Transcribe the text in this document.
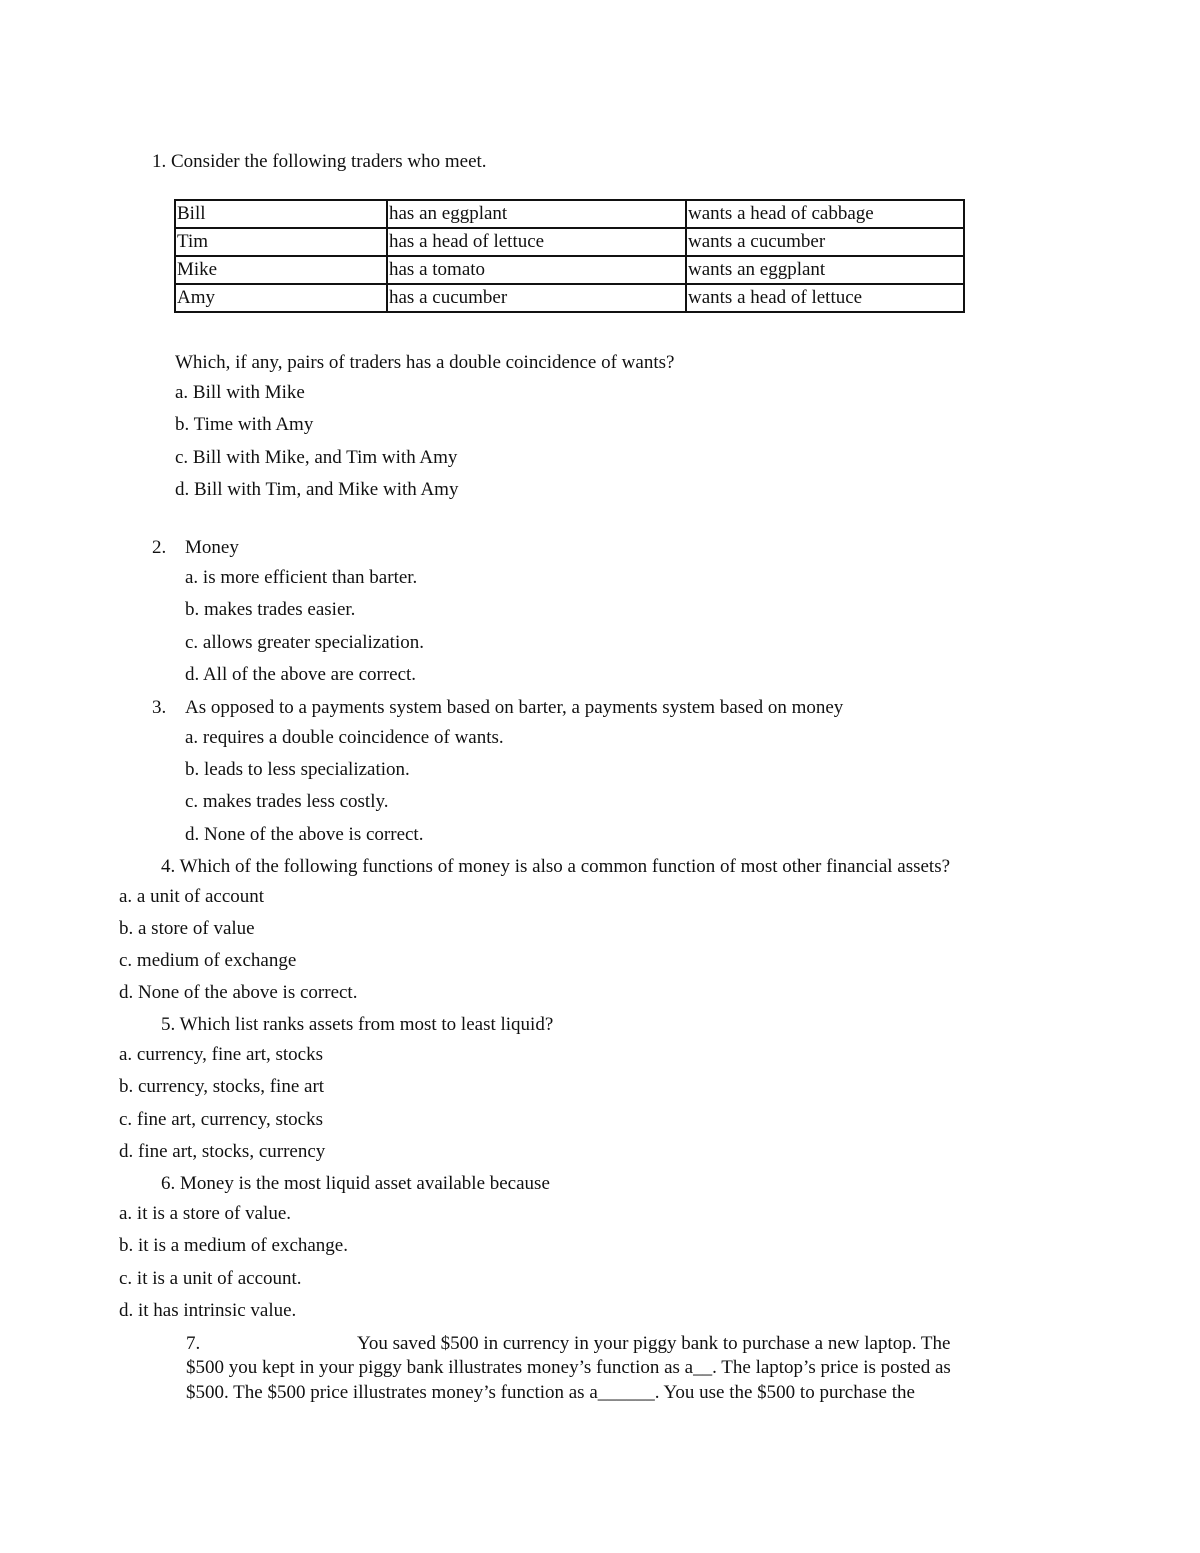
1. Consider the following traders who meet.
Bill	has an eggplant	wants a head of cabbage
Tim	has a head of lettuce	wants a cucumber
Mike	has a tomato	wants an eggplant
Amy	has a cucumber	wants a head of lettuce
Which, if any, pairs of traders has a double coincidence of wants?
a. Bill with Mike
b. Time with Amy
c. Bill with Mike, and Tim with Amy
d. Bill with Tim, and Mike with Amy
2. Money
a. is more efficient than barter.
b. makes trades easier.
c. allows greater specialization.
d. All of the above are correct.
3. As opposed to a payments system based on barter, a payments system based on money
a. requires a double coincidence of wants.
b. leads to less specialization.
c. makes trades less costly.
d. None of the above is correct.
4. Which of the following functions of money is also a common function of most other financial assets?
a. a unit of account
b. a store of value
c. medium of exchange
d. None of the above is correct.
5. Which list ranks assets from most to least liquid?
a. currency, fine art, stocks
b. currency, stocks, fine art
c. fine art, currency, stocks
d. fine art, stocks, currency
6. Money is the most liquid asset available because
a. it is a store of value.
b. it is a medium of exchange.
c. it is a unit of account.
d. it has intrinsic value.
7.	You saved $500 in currency in your piggy bank to purchase a new laptop. The
$500 you kept in your piggy bank illustrates money’s function as a__. The laptop’s price is posted as
$500. The $500 price illustrates money’s function as a______. You use the $500 to purchase the
